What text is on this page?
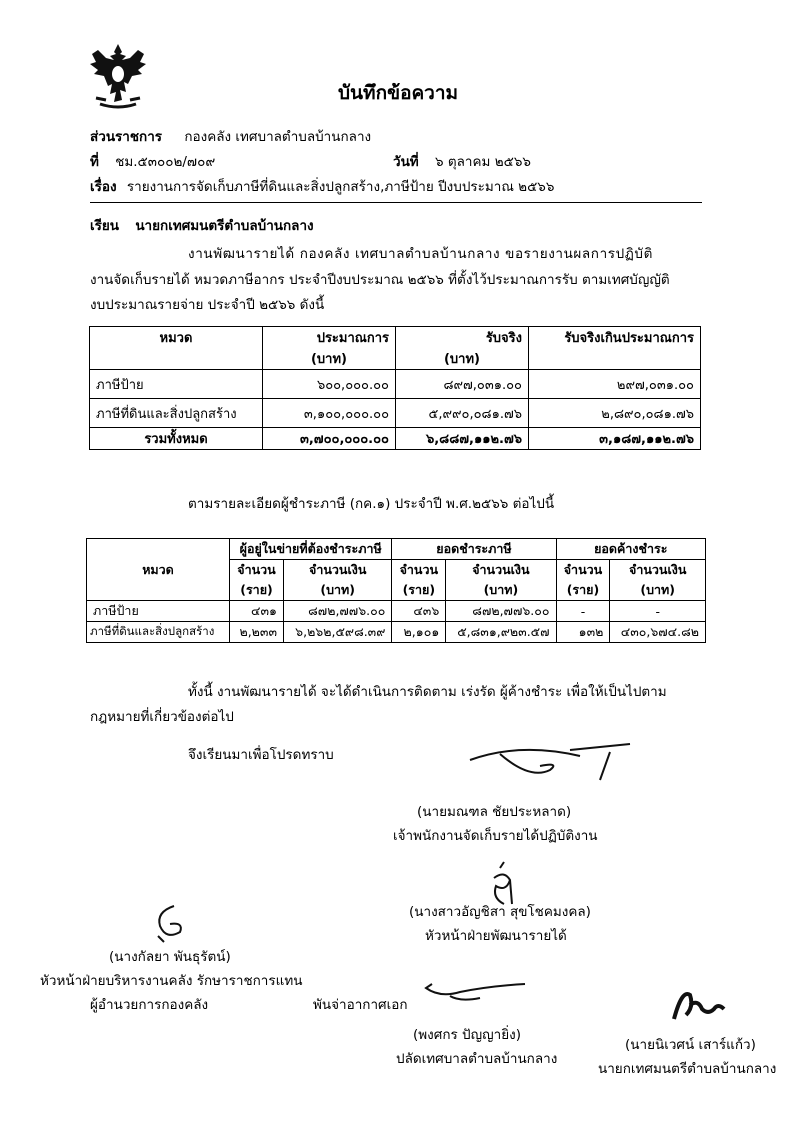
บันทึกข้อความ
ส่วนราชการ กองคลัง เทศบาลตำบลบ้านกลาง
ที่ ชม.๕๓๐๐๒/๗๐๙	วันที่ ๖ ตุลาคม ๒๕๖๖
เรื่อง รายงานการจัดเก็บภาษีที่ดินและสิ่งปลูกสร้าง,ภาษีป้าย ปีงบประมาณ ๒๕๖๖
เรียน นายกเทศมนตรีตำบลบ้านกลาง
งานพัฒนารายได้ กองคลัง เทศบาลตำบลบ้านกลาง ขอรายงานผลการปฏิบัติ
งานจัดเก็บรายได้ หมวดภาษีอากร ประจำปีงบประมาณ ๒๕๖๖ ที่ตั้งไว้ประมาณการรับ ตามเทศบัญญัติ
งบประมาณรายจ่าย ประจำปี ๒๕๖๖ ดังนี้
หมวด	ประมาณการ	รับจริง	รับจริงเกินประมาณการ
	(บาท)	(บาท)	
ภาษีป้าย	๖๐๐,๐๐๐.๐๐	๘๙๗,๐๓๑.๐๐	๒๙๗,๐๓๑.๐๐
ภาษีที่ดินและสิ่งปลูกสร้าง	๓,๑๐๐,๐๐๐.๐๐	๕,๙๙๐,๐๘๑.๗๖	๒,๘๙๐,๐๘๑.๗๖
รวมทั้งหมด	๓,๗๐๐,๐๐๐.๐๐	๖,๘๘๗,๑๑๒.๗๖	๓,๑๘๗,๑๑๒.๗๖
ตามรายละเอียดผู้ชำระภาษี (กค.๑) ประจำปี พ.ศ.๒๕๖๖ ต่อไปนี้
	ผู้อยู่ในข่ายที่ต้องชำระภาษี		ยอดชำระภาษี		ยอดค้างชำระ	
หมวด	จำนวน	จำนวนเงิน	จำนวน	จำนวนเงิน	จำนวน	จำนวนเงิน
	(ราย)	(บาท)	(ราย)	(บาท)	(ราย)	(บาท)
ภาษีป้าย	๔๓๑	๘๗๒,๗๗๖.๐๐	๔๓๖	๘๗๒,๗๗๖.๐๐	-	-
ภาษีที่ดินและสิ่งปลูกสร้าง	๒,๒๓๓	๖,๒๖๒,๕๙๘.๓๙	๒,๑๐๑	๕,๘๓๑,๙๒๓.๕๗	๑๓๒	๔๓๐,๖๗๔.๘๒
ทั้งนี้ งานพัฒนารายได้ จะได้ดำเนินการติดตาม เร่งรัด ผู้ค้างชำระ เพื่อให้เป็นไปตาม
กฎหมายที่เกี่ยวข้องต่อไป
จึงเรียนมาเพื่อโปรดทราบ
(นายมณฑล ชัยประหลาด)
เจ้าพนักงานจัดเก็บรายได้ปฏิบัติงาน
(นางสาวอัญชิสา สุขโชคมงคล)
หัวหน้าฝ่ายพัฒนารายได้
(นางกัลยา พันธุรัตน์)
หัวหน้าฝ่ายบริหารงานคลัง รักษาราชการแทน
ผู้อำนวยการกองคลัง	พันจ่าอากาศเอก
(พงศกร ปัญญายิ่ง)
ปลัดเทศบาลตำบลบ้านกลาง
(นายนิเวศน์ เสาร์แก้ว)
นายกเทศมนตรีตำบลบ้านกลาง
